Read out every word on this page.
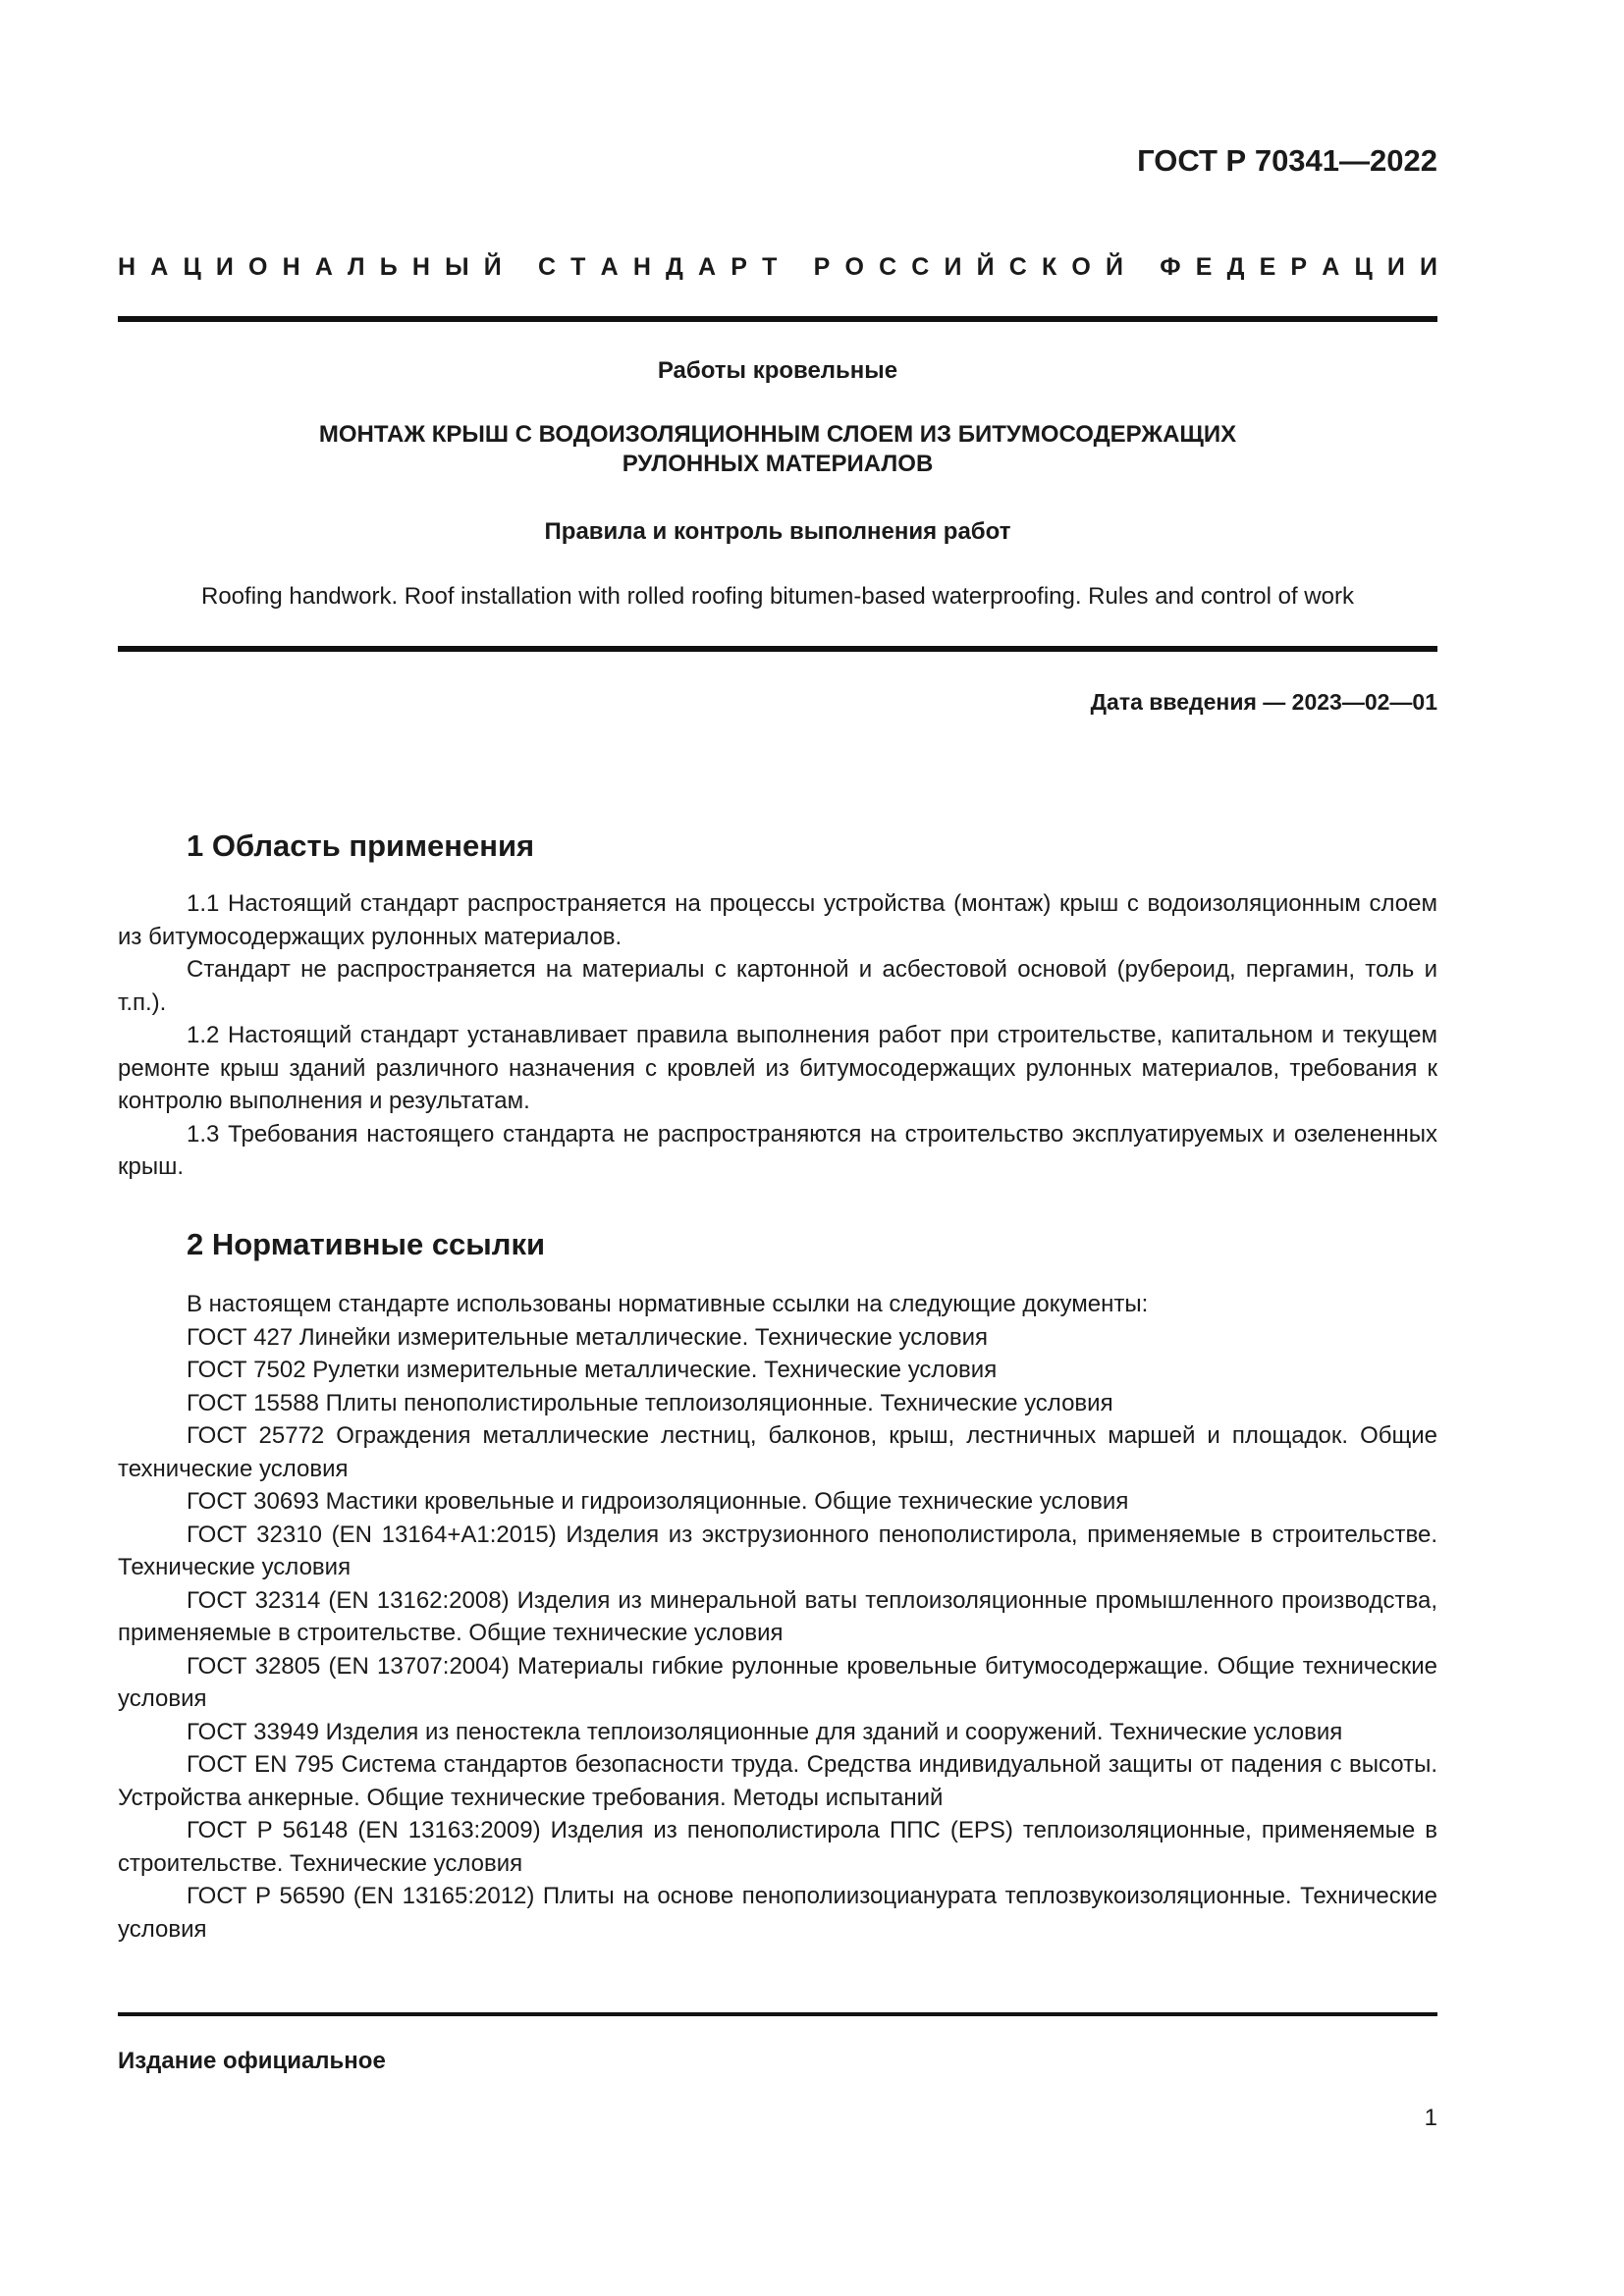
ГОСТ Р 70341—2022
Н А Ц И О Н А Л Ь Н Ы Й
С Т А Н Д А Р Т
Р О С С И Й С К О Й
Ф Е Д Е Р А Ц И И
Работы кровельные
МОНТАЖ КРЫШ С ВОДОИЗОЛЯЦИОННЫМ СЛОЕМ ИЗ БИТУМОСОДЕРЖАЩИХ
РУЛОННЫХ МАТЕРИАЛОВ
Правила и контроль выполнения работ
Roofing handwork. Roof installation with rolled roofing bitumen-based waterproofing. Rules and control of work
Дата введения — 2023—02—01
1 Область применения

1.1 Настоящий стандарт распространяется на процессы устройства (монтаж) крыш с водоизоляционным слоем из битумосодержащих рулонных материалов.

Стандарт не распространяется на материалы с картонной и асбестовой основой (рубероид, пергамин, толь и т.п.).

1.2 Настоящий стандарт устанавливает правила выполнения работ при строительстве, капитальном и текущем ремонте крыш зданий различного назначения с кровлей из битумосодержащих рулонных материалов, требования к контролю выполнения и результатам.

1.3 Требования настоящего стандарта не распространяются на строительство эксплуатируемых и озелененных крыш.

2 Нормативные ссылки

В настоящем стандарте использованы нормативные ссылки на следующие документы:

ГОСТ 427 Линейки измерительные металлические. Технические условия

ГОСТ 7502 Рулетки измерительные металлические. Технические условия

ГОСТ 15588 Плиты пенополистирольные теплоизоляционные. Технические условия

ГОСТ 25772 Ограждения металлические лестниц, балконов, крыш, лестничных маршей и площадок. Общие технические условия

ГОСТ 30693 Мастики кровельные и гидроизоляционные. Общие технические условия

ГОСТ 32310 (EN 13164+A1:2015) Изделия из экструзионного пенополистирола, применяемые в строительстве. Технические условия

ГОСТ 32314 (EN 13162:2008) Изделия из минеральной ваты теплоизоляционные промышленного производства, применяемые в строительстве. Общие технические условия

ГОСТ 32805 (EN 13707:2004) Материалы гибкие рулонные кровельные битумосодержащие. Общие технические условия

ГОСТ 33949 Изделия из пеностекла теплоизоляционные для зданий и сооружений. Технические условия

ГОСТ EN 795 Система стандартов безопасности труда. Средства индивидуальной защиты от падения с высоты. Устройства анкерные. Общие технические требования. Методы испытаний

ГОСТ Р 56148 (EN 13163:2009) Изделия из пенополистирола ППС (EPS) теплоизоляционные, применяемые в строительстве. Технические условия

ГОСТ Р 56590 (EN 13165:2012) Плиты на основе пенополиизоцианурата теплозвукоизоляционные. Технические условия

Издание официальное
1
